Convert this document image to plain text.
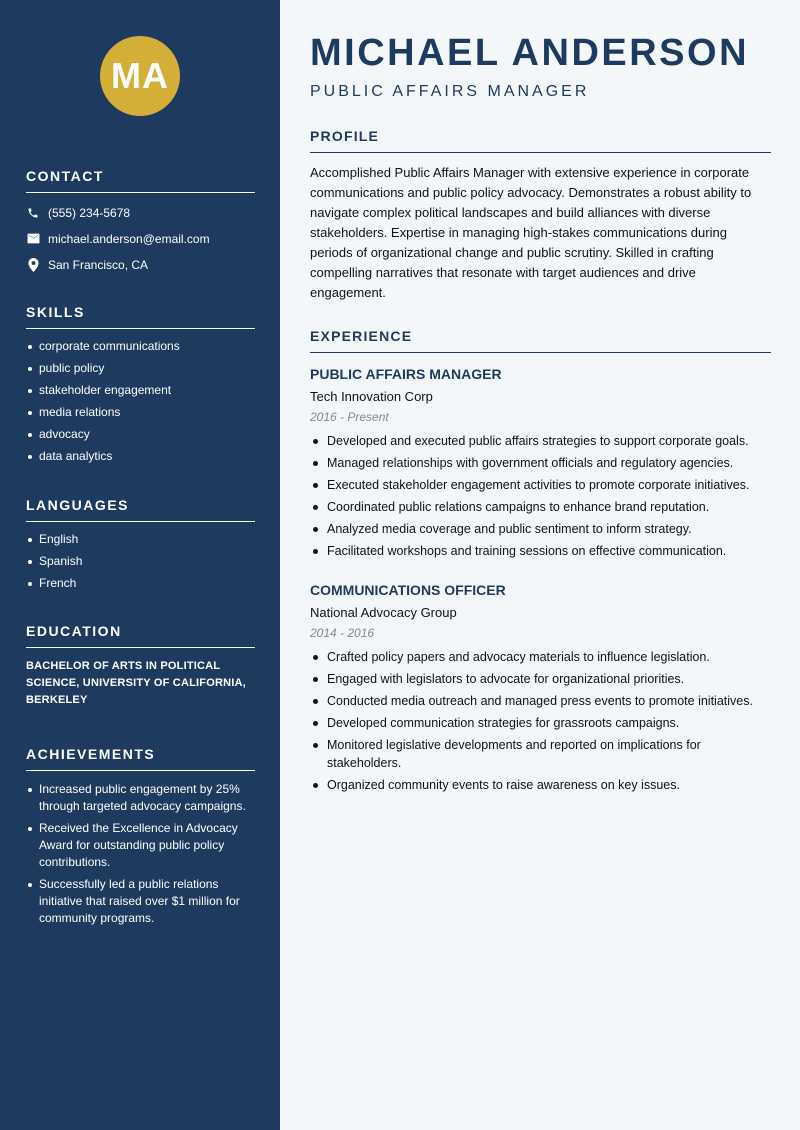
MA
CONTACT
(555) 234-5678
michael.anderson@email.com
San Francisco, CA
SKILLS
corporate communications
public policy
stakeholder engagement
media relations
advocacy
data analytics
LANGUAGES
English
Spanish
French
EDUCATION

BACHELOR OF ARTS IN POLITICAL SCIENCE, UNIVERSITY OF CALIFORNIA, BERKELEY

ACHIEVEMENTS
Increased public engagement by 25% through targeted advocacy campaigns.
Received the Excellence in Advocacy Award for outstanding public policy contributions.
Successfully led a public relations initiative that raised over $1 million for community programs.
MICHAEL ANDERSON
PUBLIC AFFAIRS MANAGER
PROFILE

Accomplished Public Affairs Manager with extensive experience in corporate communications and public policy advocacy. Demonstrates a robust ability to navigate complex political landscapes and build alliances with diverse stakeholders. Expertise in managing high-stakes communications during periods of organizational change and public scrutiny. Skilled in crafting compelling narratives that resonate with target audiences and drive engagement.

EXPERIENCE
PUBLIC AFFAIRS MANAGER
Tech Innovation Corp
2016 - Present
Developed and executed public affairs strategies to support corporate goals.
Managed relationships with government officials and regulatory agencies.
Executed stakeholder engagement activities to promote corporate initiatives.
Coordinated public relations campaigns to enhance brand reputation.
Analyzed media coverage and public sentiment to inform strategy.
Facilitated workshops and training sessions on effective communication.
COMMUNICATIONS OFFICER
National Advocacy Group
2014 - 2016
Crafted policy papers and advocacy materials to influence legislation.
Engaged with legislators to advocate for organizational priorities.
Conducted media outreach and managed press events to promote initiatives.
Developed communication strategies for grassroots campaigns.
Monitored legislative developments and reported on implications for stakeholders.
Organized community events to raise awareness on key issues.
